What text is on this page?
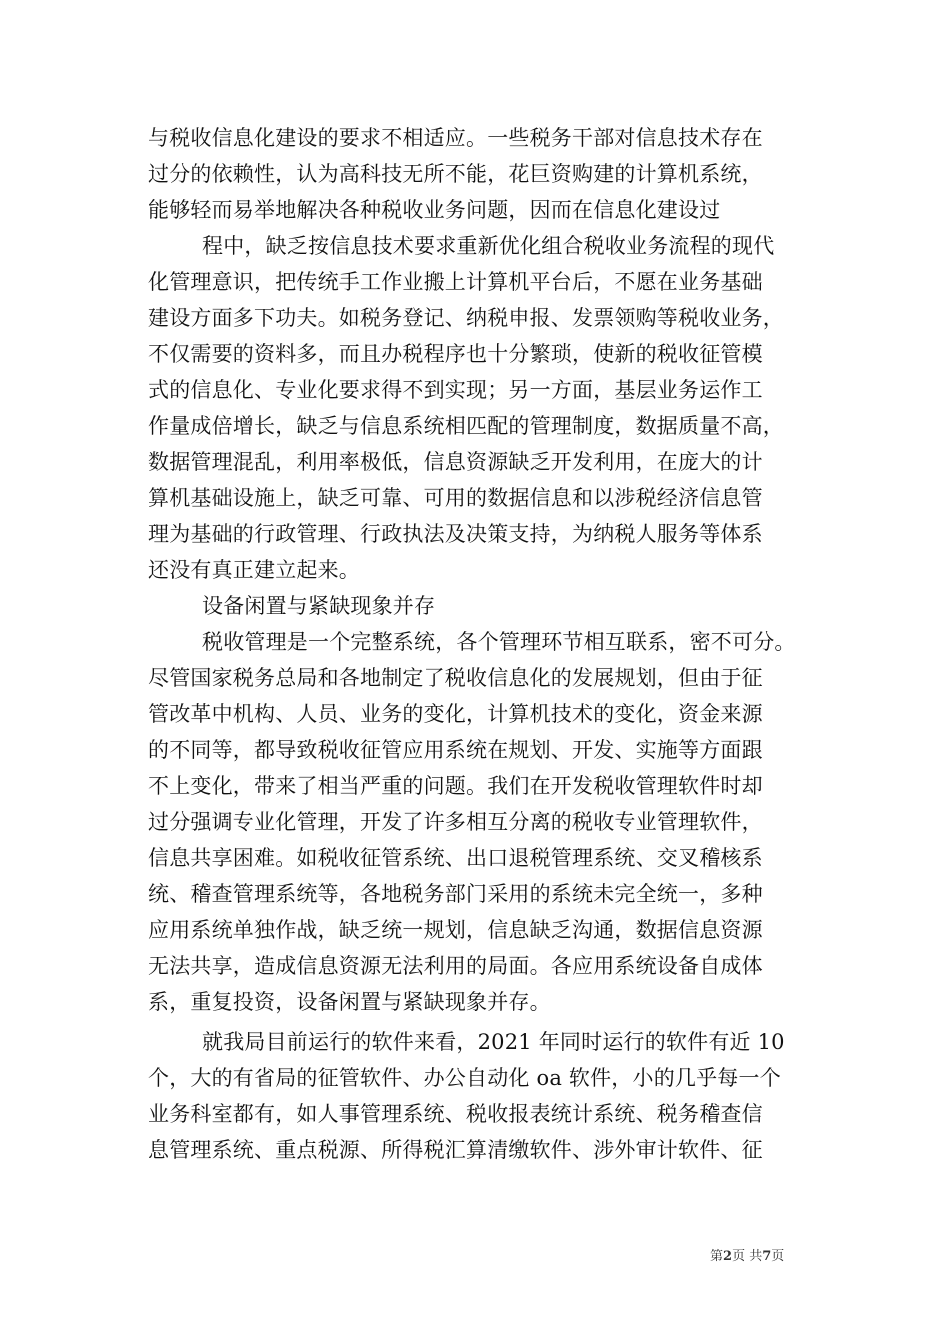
与税收信息化建设的要求不相适应。一些税务干部对信息技术存在
过分的依赖性，认为高科技无所不能，花巨资购建的计算机系统，
能够轻而易举地解决各种税收业务问题，因而在信息化建设过
程中，缺乏按信息技术要求重新优化组合税收业务流程的现代
化管理意识，把传统手工作业搬上计算机平台后，不愿在业务基础
建设方面多下功夫。如税务登记、纳税申报、发票领购等税收业务，
不仅需要的资料多，而且办税程序也十分繁琐，使新的税收征管模
式的信息化、专业化要求得不到实现；另一方面，基层业务运作工
作量成倍增长，缺乏与信息系统相匹配的管理制度，数据质量不高，
数据管理混乱，利用率极低，信息资源缺乏开发利用，在庞大的计
算机基础设施上，缺乏可靠、可用的数据信息和以涉税经济信息管
理为基础的行政管理、行政执法及决策支持，为纳税人服务等体系
还没有真正建立起来。
设备闲置与紧缺现象并存
税收管理是一个完整系统，各个管理环节相互联系，密不可分。
尽管国家税务总局和各地制定了税收信息化的发展规划，但由于征
管改革中机构、人员、业务的变化，计算机技术的变化，资金来源
的不同等，都导致税收征管应用系统在规划、开发、实施等方面跟
不上变化，带来了相当严重的问题。我们在开发税收管理软件时却
过分强调专业化管理，开发了许多相互分离的税收专业管理软件，
信息共享困难。如税收征管系统、出口退税管理系统、交叉稽核系
统、稽查管理系统等，各地税务部门采用的系统未完全统一，多种
应用系统单独作战，缺乏统一规划，信息缺乏沟通，数据信息资源
无法共享，造成信息资源无法利用的局面。各应用系统设备自成体
系，重复投资，设备闲置与紧缺现象并存。
就我局目前运行的软件来看，2021 年同时运行的软件有近 10
个，大的有省局的征管软件、办公自动化 oa 软件，小的几乎每一个
业务科室都有，如人事管理系统、税收报表统计系统、税务稽查信
息管理系统、重点税源、所得税汇算清缴软件、涉外审计软件、征
第2页 共7页
